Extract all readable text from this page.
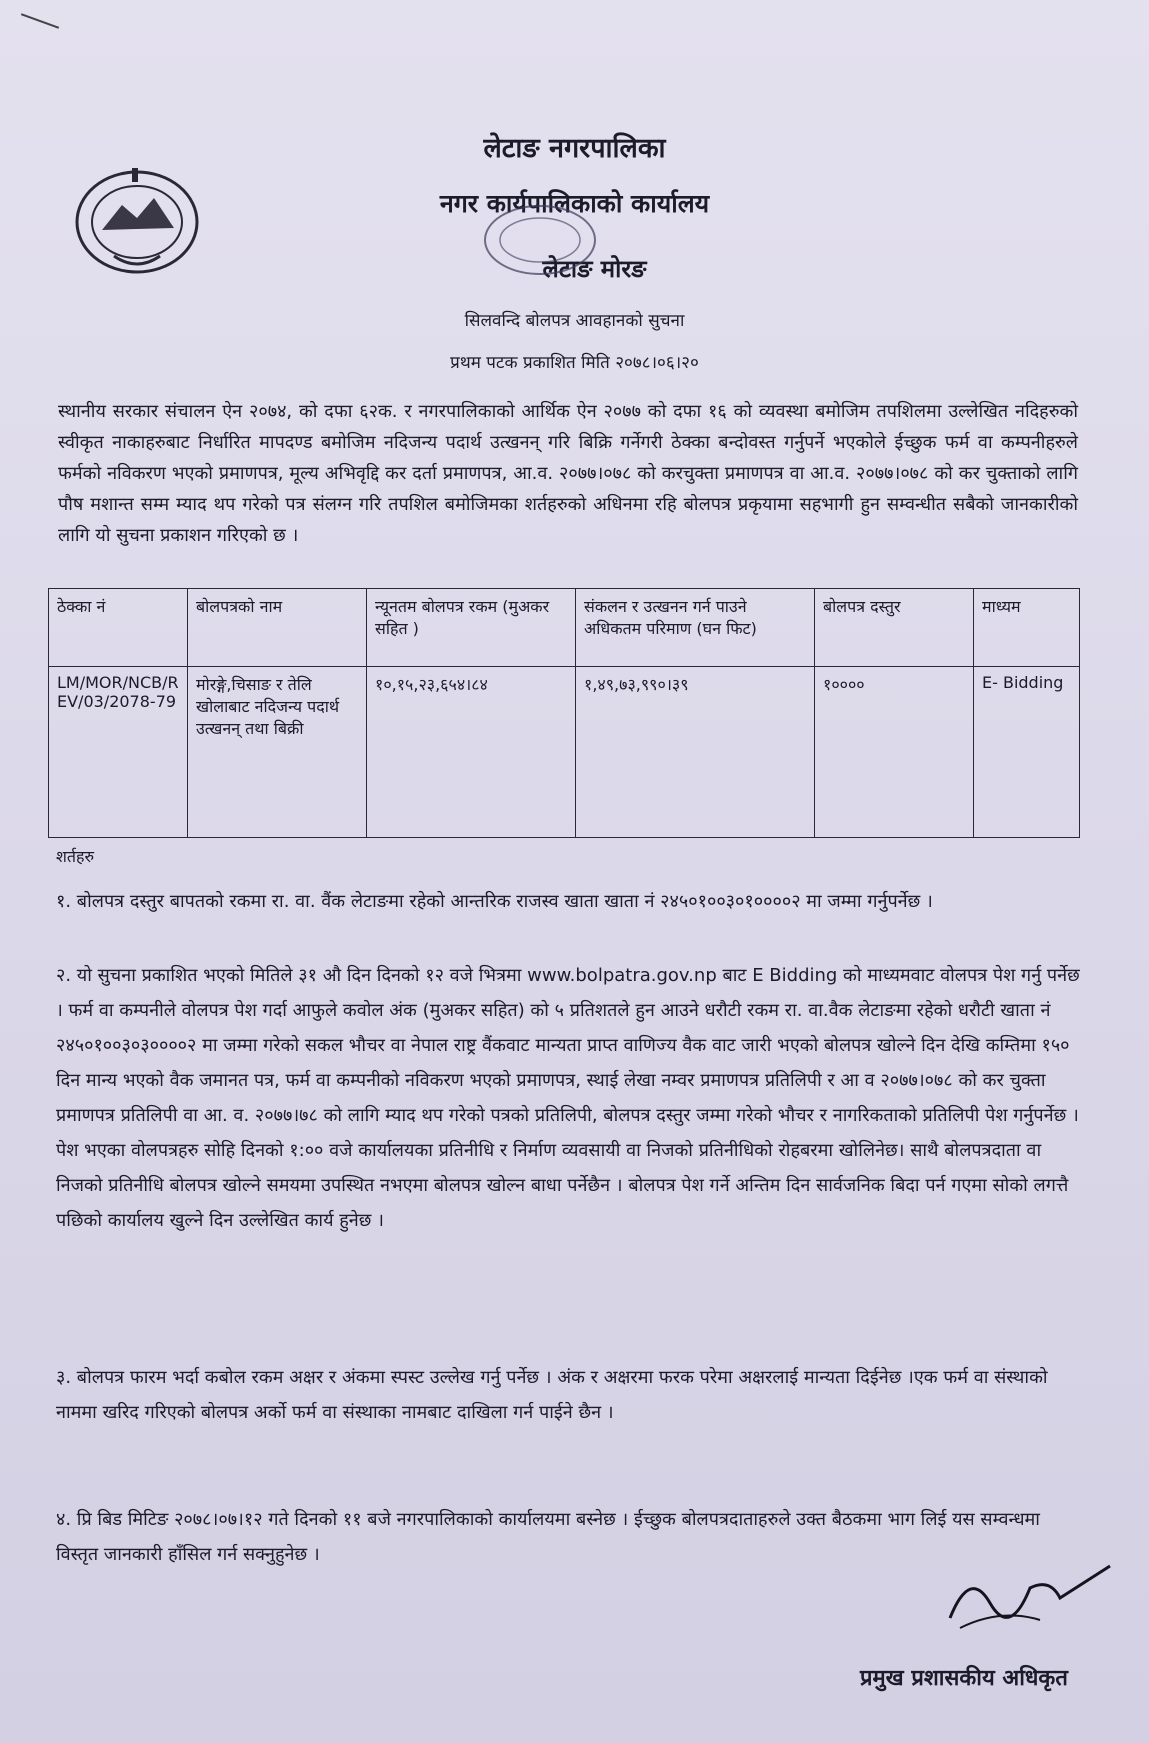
लेटाङ नगरपालिका
नगर कार्यपालिकाको कार्यालय
लेटाङ मोरङ
सिलवन्दि बोलपत्र आवहानको सुचना
प्रथम पटक प्रकाशित मिति २०७८।०६।२०
स्थानीय सरकार संचालन ऐन २०७४, को दफा ६२क. र नगरपालिकाको आर्थिक ऐन २०७७ को दफा १६ को व्यवस्था बमोजिम तपशिलमा उल्लेखित नदिहरुको स्वीकृत नाकाहरुबाट निर्धारित मापदण्ड बमोजिम नदिजन्य पदार्थ उत्खनन् गरि बिक्रि गर्नेगरी ठेक्का बन्दोवस्त गर्नुपर्ने भएकोले ईच्छुक फर्म वा कम्पनीहरुले फर्मको नविकरण भएको प्रमाणपत्र, मूल्य अभिवृद्दि कर दर्ता प्रमाणपत्र, आ.व. २०७७।०७८ को करचुक्ता प्रमाणपत्र वा आ.व. २०७७।०७८ को कर चुक्ताको लागि पौष मशान्त सम्म म्याद थप गरेको पत्र संलग्न गरि तपशिल बमोजिमका शर्तहरुको अधिनमा रहि बोलपत्र प्रकृयामा सहभागी हुन सम्वन्धीत सबैको जानकारीको लागि यो सुचना प्रकाशन गरिएको छ ।
ठेक्का नं	बोलपत्रको नाम	न्यूनतम बोलपत्र रकम (मुअकर सहित )	संकलन र उत्खनन गर्न पाउने अधिकतम परिमाण (घन फिट)	बोलपत्र दस्तुर	माध्यम
LM/MOR/NCB/REV/03/2078-79	मोरङ्गे,चिसाङ र तेलि खोलाबाट नदिजन्य पदार्थ उत्खनन् तथा बिक्री	१०,१५,२३,६५४।८४	१,४९,७३,९९०।३९	१००००	E- Bidding
शर्तहरु
१. बोलपत्र दस्तुर बापतको रकमा रा. वा. वैंक लेटाङमा रहेको आन्तरिक राजस्व खाता खाता नं २४५०१००३०१००००२ मा जम्मा गर्नुपर्नेछ ।
२. यो सुचना प्रकाशित भएको मितिले ३१ औ दिन दिनको १२ वजे भित्रमा www.bolpatra.gov.np बाट E Bidding को माध्यमवाट वोलपत्र पेश गर्नु पर्नेछ । फर्म वा कम्पनीले वोलपत्र पेश गर्दा आफुले कवोल अंक (मुअकर सहित) को ५ प्रतिशतले हुन आउने धरौटी रकम रा. वा.वैक लेटाङमा रहेको धरौटी खाता नं २४५०१००३०३००००२ मा जम्मा गरेको सकल भौचर वा नेपाल राष्ट्र वैंकवाट मान्यता प्राप्त वाणिज्य वैक वाट जारी भएको बोलपत्र खोल्ने दिन देखि कम्तिमा १५० दिन मान्य भएको वैक जमानत पत्र, फर्म वा कम्पनीको नविकरण भएको प्रमाणपत्र, स्थाई लेखा नम्वर प्रमाणपत्र प्रतिलिपी र आ व २०७७।०७८ को कर चुक्ता प्रमाणपत्र प्रतिलिपी वा आ. व. २०७७।७८ को लागि म्याद थप गरेको पत्रको प्रतिलिपी, बोलपत्र दस्तुर जम्मा गरेको भौचर र नागरिकताको प्रतिलिपी पेश गर्नुपर्नेछ ।पेश भएका वोलपत्रहरु सोहि दिनको १:०० वजे कार्यालयका प्रतिनीधि र निर्माण व्यवसायी वा निजको प्रतिनीधिको रोहबरमा खोलिनेछ। साथै बोलपत्रदाता वा निजको प्रतिनीधि बोलपत्र खोल्ने समयमा उपस्थित नभएमा बोलपत्र खोल्न बाधा पर्नेछैन । बोलपत्र पेश गर्ने अन्तिम दिन सार्वजनिक बिदा पर्न गएमा सोको लगत्तै पछिको कार्यालय खुल्ने दिन उल्लेखित कार्य हुनेछ ।
३. बोलपत्र फारम भर्दा कबोल रकम अक्षर र अंकमा स्पस्ट उल्लेख गर्नु पर्नेछ । अंक र अक्षरमा फरक परेमा अक्षरलाई मान्यता दिईनेछ ।एक फर्म वा संस्थाको नाममा खरिद गरिएको बोलपत्र अर्को फर्म वा संस्थाका नामबाट दाखिला गर्न पाईने छैन ।
४. प्रि बिड मिटिङ २०७८।०७।१२ गते दिनको ११ बजे नगरपालिकाको कार्यालयमा बस्नेछ । ईच्छुक बोलपत्रदाताहरुले उक्त बैठकमा भाग लिई यस सम्वन्धमा विस्तृत जानकारी हाँसिल गर्न सक्नुहुनेछ ।
प्रमुख प्रशासकीय अधिकृत
